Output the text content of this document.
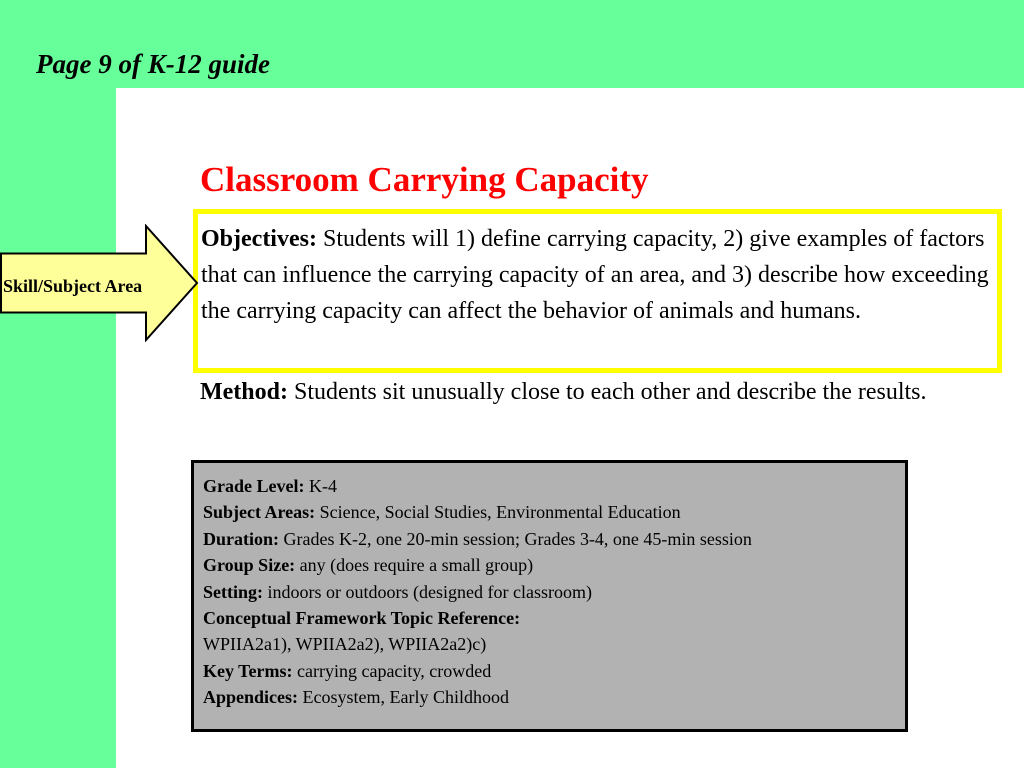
Page 9 of K-12 guide
Classroom Carrying Capacity
Objectives: Students will 1) define carrying capacity, 2) give examples of factors that can influence the carrying capacity of an area, and 3) describe how exceeding the carrying capacity can affect the behavior of animals and humans.
Method: Students sit unusually close to each other and describe the results.
Grade Level: K-4
Subject Areas: Science, Social Studies, Environmental Education
Duration: Grades K-2, one 20-min session; Grades 3-4, one 45-min session
Group Size: any (does require a small group)
Setting: indoors or outdoors (designed for classroom)
Conceptual Framework Topic Reference:
WPIIA2a1), WPIIA2a2), WPIIA2a2)c)
Key Terms: carrying capacity, crowded
Appendices: Ecosystem, Early Childhood
Skill/Subject Area
